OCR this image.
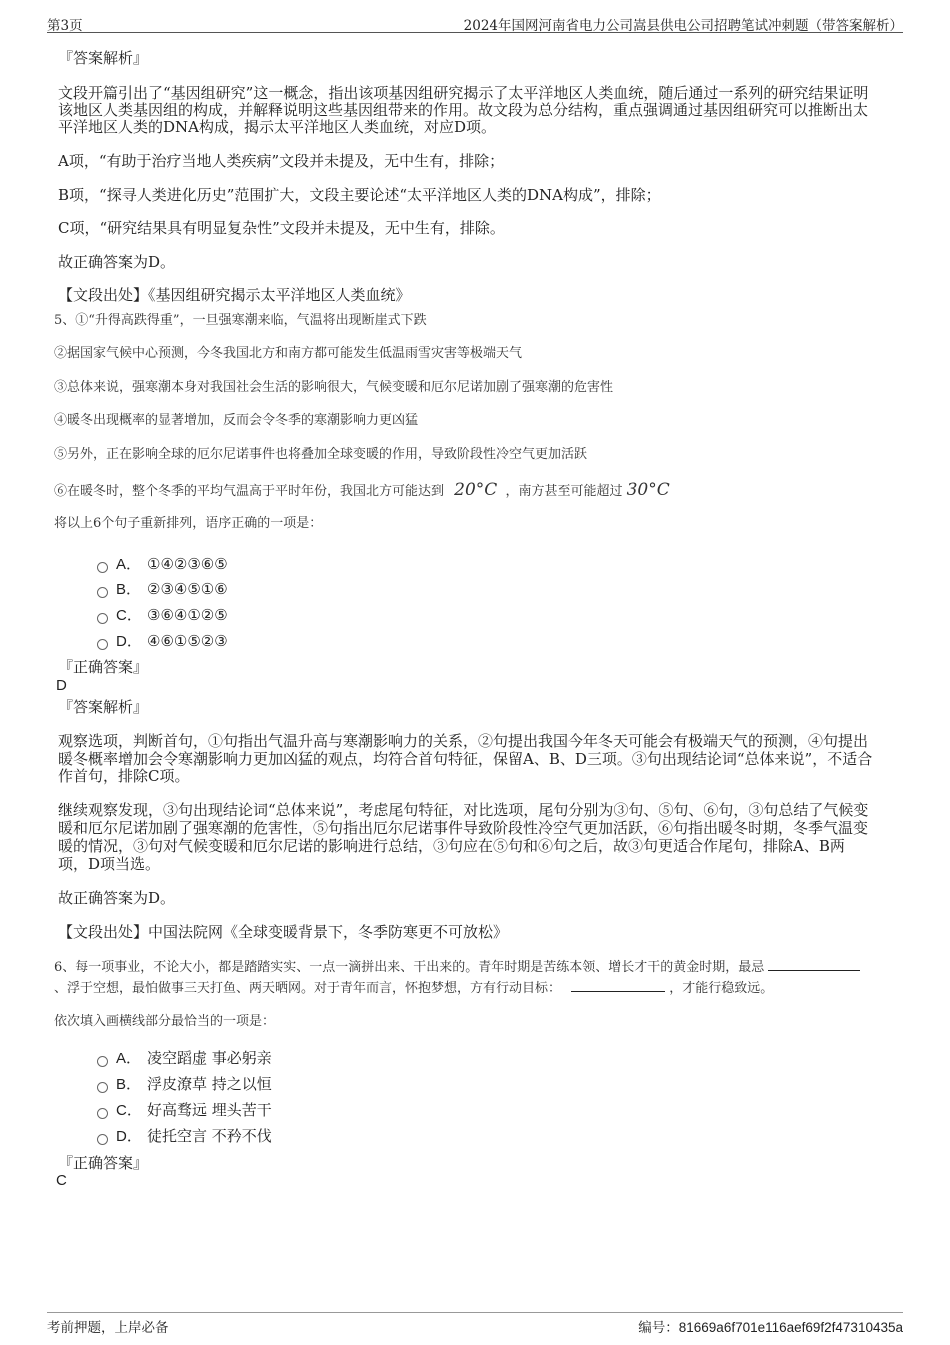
第3页	2024年国网河南省电力公司嵩县供电公司招聘笔试冲刺题（带答案解析）
『答案解析』
文段开篇引出了“基因组研究”这一概念，指出该项基因组研究揭示了太平洋地区人类血统，随后通过一系列的研究结果证明
该地区人类基因组的构成，并解释说明这些基因组带来的作用。故文段为总分结构，重点强调通过基因组研究可以推断出太
平洋地区人类的DNA构成，揭示太平洋地区人类血统，对应D项。
A项，“有助于治疗当地人类疾病”文段并未提及，无中生有，排除；
B项，“探寻人类进化历史”范围扩大，文段主要论述“太平洋地区人类的DNA构成”，排除；
C项，“研究结果具有明显复杂性”文段并未提及，无中生有，排除。
故正确答案为D。
【文段出处】《基因组研究揭示太平洋地区人类血统》
5、①“升得高跌得重”，一旦强寒潮来临，气温将出现断崖式下跌
②据国家气候中心预测，今冬我国北方和南方都可能发生低温雨雪灾害等极端天气
③总体来说，强寒潮本身对我国社会生活的影响很大，气候变暖和厄尔尼诺加剧了强寒潮的危害性
④暖冬出现概率的显著增加，反而会令冬季的寒潮影响力更凶猛
⑤另外，正在影响全球的厄尔尼诺事件也将叠加全球变暖的作用，导致阶段性冷空气更加活跃
⑥在暖冬时，整个冬季的平均气温高于平时年份，我国北方可能达到 20°C ，南方甚至可能超过 30°C
将以上6个句子重新排列，语序正确的一项是：
A． ①④②③⑥⑤
B． ②③④⑤①⑥
C． ③⑥④①②⑤
D． ④⑥①⑤②③
『正确答案』
D
『答案解析』
观察选项，判断首句，①句指出气温升高与寒潮影响力的关系，②句提出我国今年冬天可能会有极端天气的预测，④句提出
暖冬概率增加会令寒潮影响力更加凶猛的观点，均符合首句特征，保留A、B、D三项。③句出现结论词“总体来说”，不适合
作首句，排除C项。
继续观察发现，③句出现结论词“总体来说”，考虑尾句特征，对比选项，尾句分别为③句、⑤句、⑥句，③句总结了气候变
暖和厄尔尼诺加剧了强寒潮的危害性，⑤句指出厄尔尼诺事件导致阶段性冷空气更加活跃，⑥句指出暖冬时期，冬季气温变
暖的情况，③句对气候变暖和厄尔尼诺的影响进行总结，③句应在⑤句和⑥句之后，故③句更适合作尾句，排除A、B两
项，D项当选。
故正确答案为D。
【文段出处】中国法院网《全球变暖背景下，冬季防寒更不可放松》
6、每一项事业，不论大小，都是踏踏实实、一点一滴拼出来、干出来的。青年时期是苦练本领、增长才干的黄金时期，最忌
、浮于空想，最怕做事三天打鱼、两天晒网。对于青年而言，怀抱梦想，方有行动目标：	，才能行稳致远。
依次填入画横线部分最恰当的一项是：
A． 凌空蹈虚 事必躬亲
B． 浮皮潦草 持之以恒
C． 好高骛远 埋头苦干
D． 徒托空言 不矜不伐
『正确答案』
C
考前押题，上岸必备	编号：81669a6f701e116aef69f2f47310435a
